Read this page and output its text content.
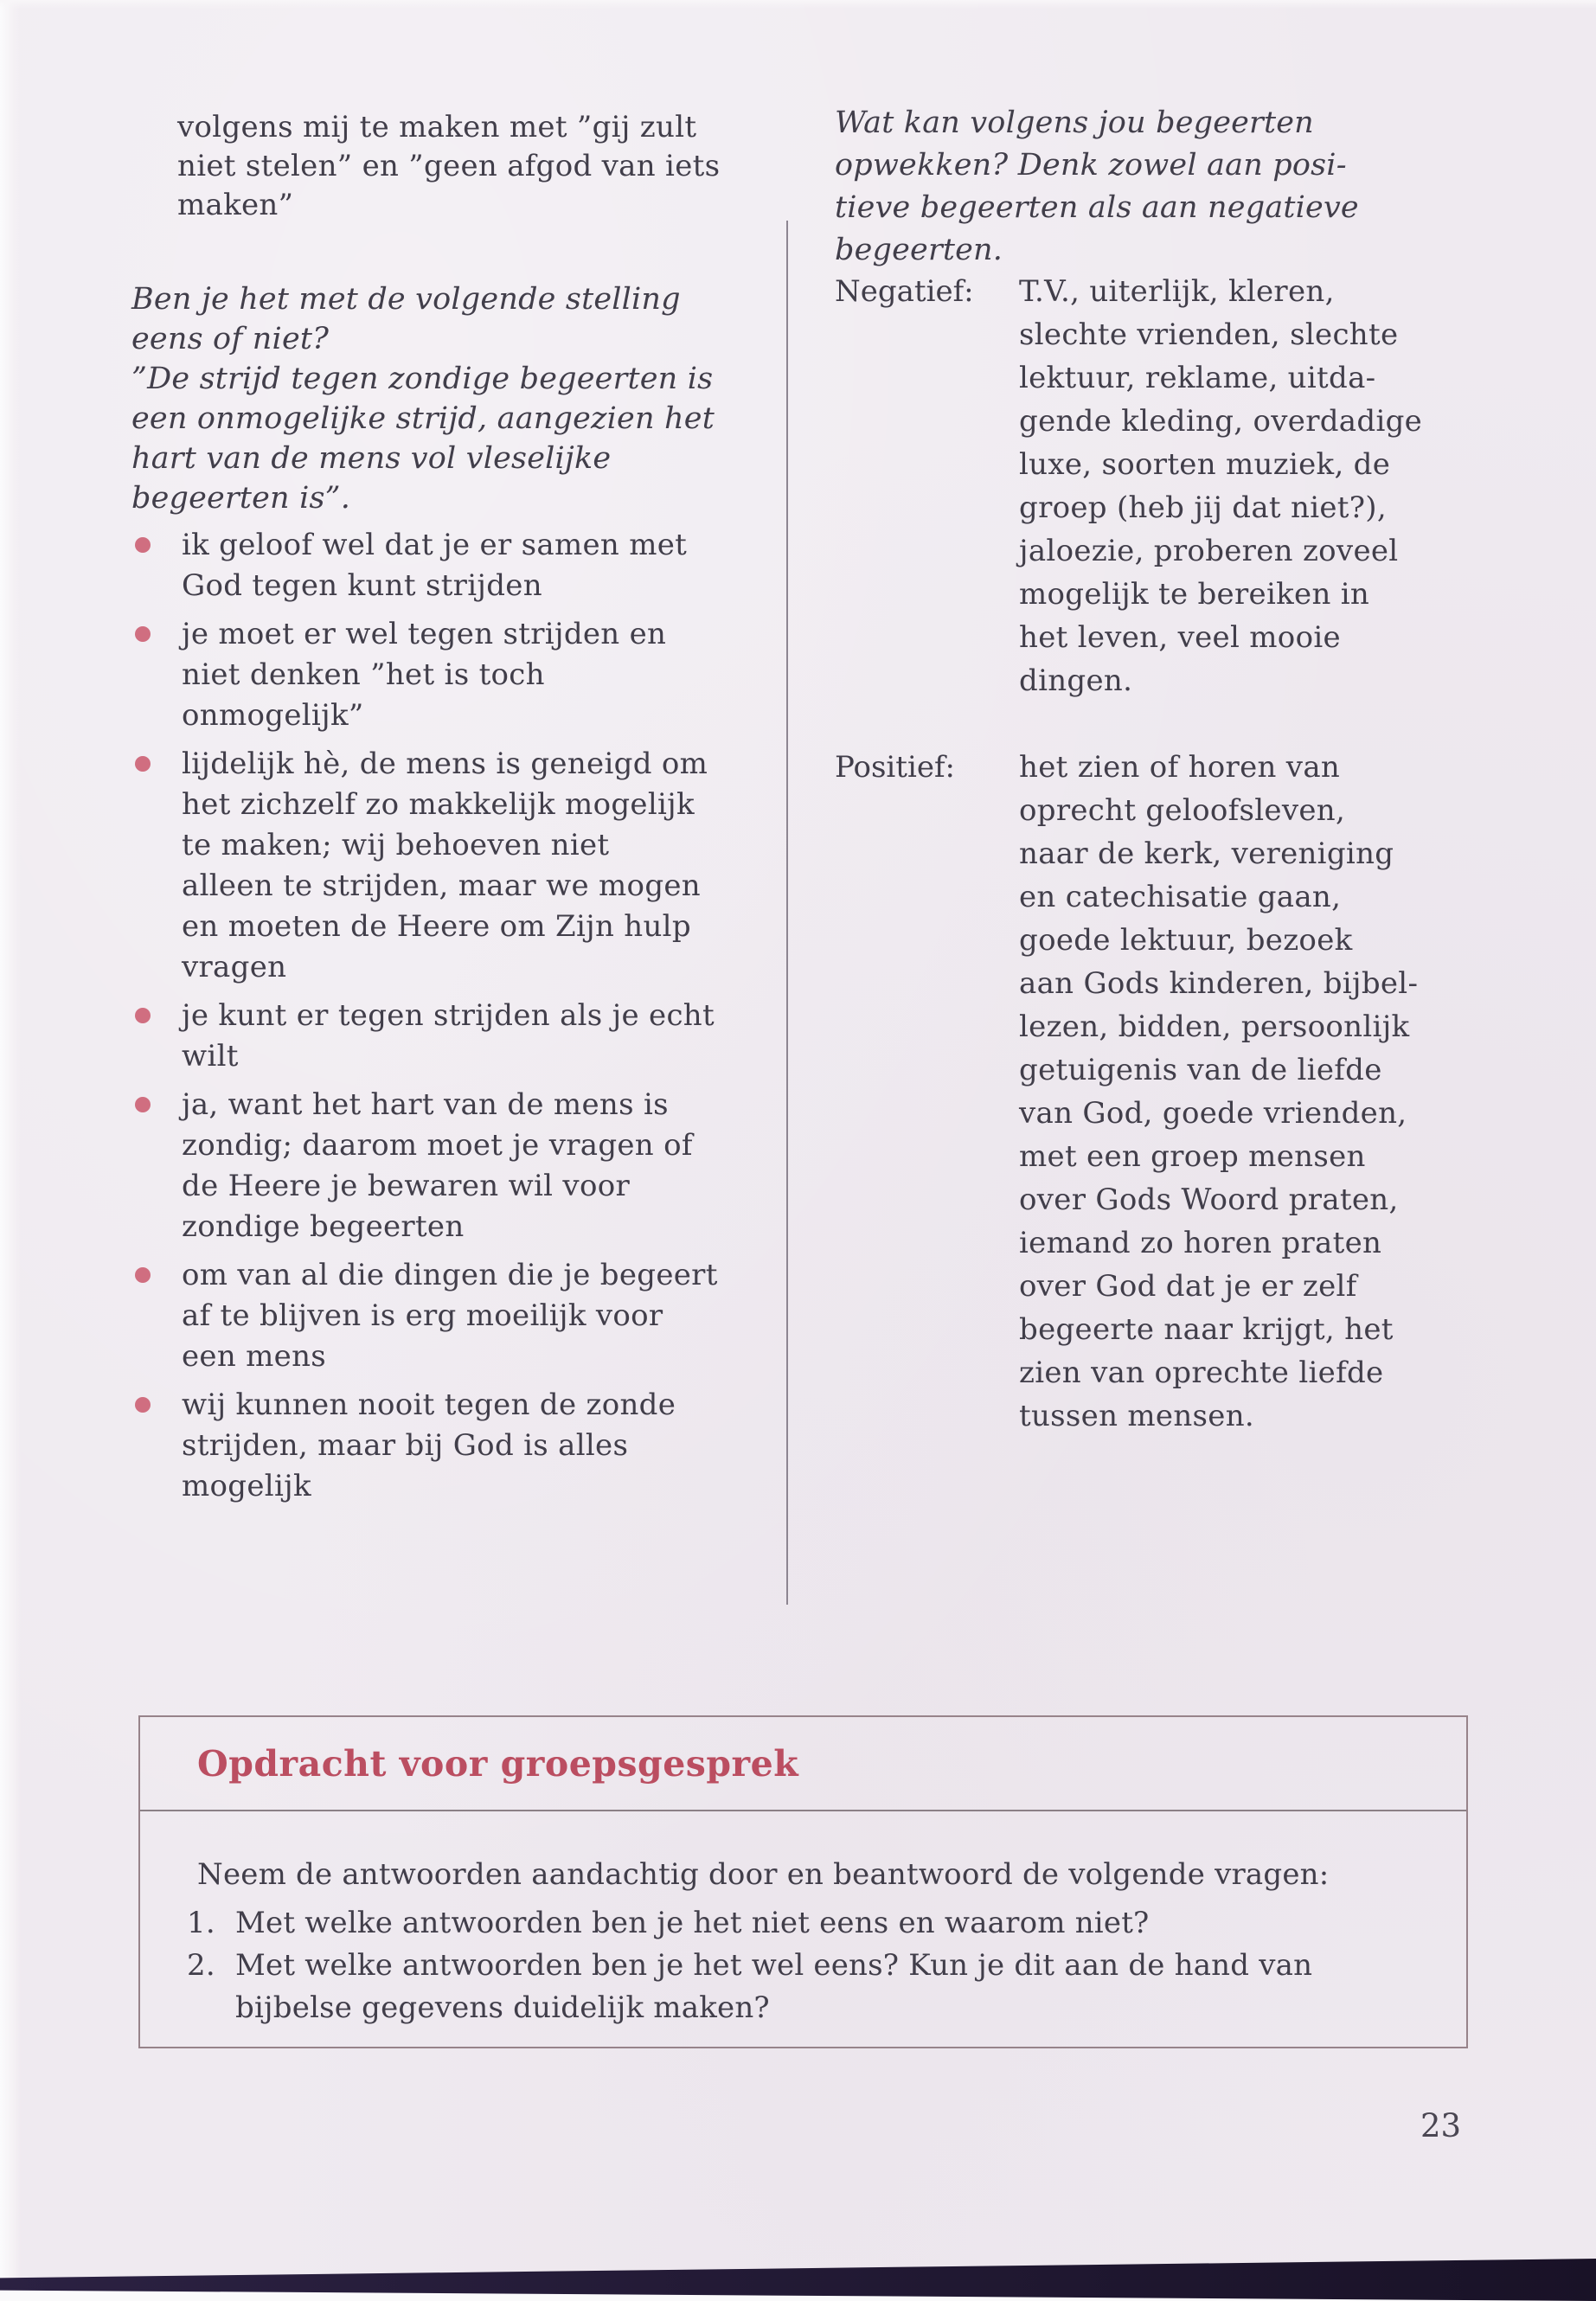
volgens mij te maken met ”gij zult
niet stelen” en ”geen afgod van iets
maken”
Ben je het met de volgende stelling
eens of niet?
”De strijd tegen zondige begeerten is
een onmogelijke strijd, aangezien het
hart van de mens vol vleselijke
begeerten is”.
ik geloof wel dat je er samen met
God tegen kunt strijden
je moet er wel tegen strijden en
niet denken ”het is toch
onmogelijk”
lijdelijk hè, de mens is geneigd om
het zichzelf zo makkelijk mogelijk
te maken; wij behoeven niet
alleen te strijden, maar we mogen
en moeten de Heere om Zijn hulp
vragen
je kunt er tegen strijden als je echt
wilt
ja, want het hart van de mens is
zondig; daarom moet je vragen of
de Heere je bewaren wil voor
zondige begeerten
om van al die dingen die je begeert
af te blijven is erg moeilijk voor
een mens
wij kunnen nooit tegen de zonde
strijden, maar bij God is alles
mogelijk
Wat kan volgens jou begeerten
opwekken? Denk zowel aan posi-
tieve begeerten als aan negatieve
begeerten.
Negatief: T.V., uiterlijk, kleren,
slechte vrienden, slechte
lektuur, reklame, uitda-
gende kleding, overdadige
luxe, soorten muziek, de
groep (heb jij dat niet?),
jaloezie, proberen zoveel
mogelijk te bereiken in
het leven, veel mooie
dingen.
Positief: het zien of horen van
oprecht geloofsleven,
naar de kerk, vereniging
en catechisatie gaan,
goede lektuur, bezoek
aan Gods kinderen, bijbel-
lezen, bidden, persoonlijk
getuigenis van de liefde
van God, goede vrienden,
met een groep mensen
over Gods Woord praten,
iemand zo horen praten
over God dat je er zelf
begeerte naar krijgt, het
zien van oprechte liefde
tussen mensen.
Opdracht voor groepsgesprek
Neem de antwoorden aandachtig door en beantwoord de volgende vragen:
1. Met welke antwoorden ben je het niet eens en waarom niet?
2. Met welke antwoorden ben je het wel eens? Kun je dit aan de hand van
bijbelse gegevens duidelijk maken?
23
